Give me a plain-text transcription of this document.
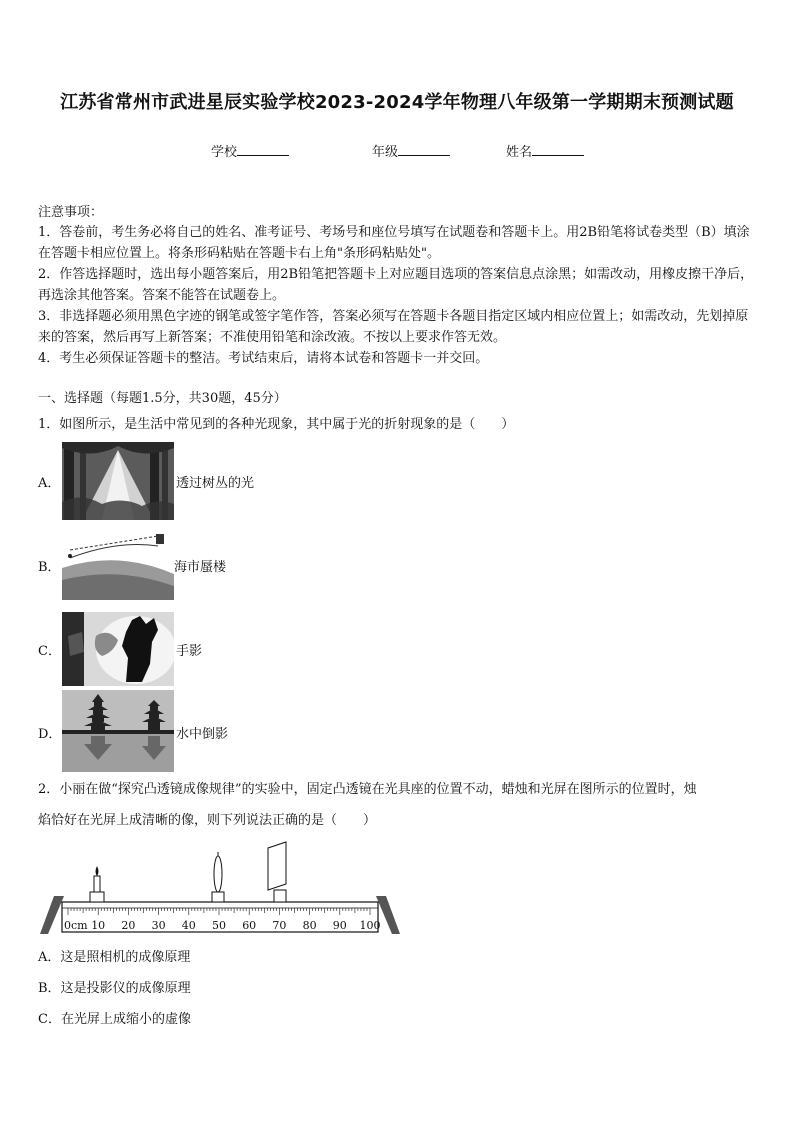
江苏省常州市武进星辰实验学校2023-2024学年物理八年级第一学期期末预测试题
学校	年级	姓名
注意事项：
1．答卷前，考生务必将自己的姓名、准考证号、考场号和座位号填写在试题卷和答题卡上。用2B铅笔将试卷类型（B）填涂在答题卡相应位置上。将条形码粘贴在答题卡右上角"条形码粘贴处"。
2．作答选择题时，选出每小题答案后，用2B铅笔把答题卡上对应题目选项的答案信息点涂黑；如需改动，用橡皮擦干净后，再选涂其他答案。答案不能答在试题卷上。
3．非选择题必须用黑色字迹的钢笔或签字笔作答，答案必须写在答题卡各题目指定区域内相应位置上；如需改动，先划掉原来的答案，然后再写上新答案；不准使用铅笔和涂改液。不按以上要求作答无效。
4．考生必须保证答题卡的整洁。考试结束后，请将本试卷和答题卡一并交回。
一、选择题（每题1.5分，共30题，45分）
1．如图所示，是生活中常见到的各种光现象，其中属于光的折射现象的是（　　）
A．	透过树丛的光
B．	海市蜃楼
C．	手影
D．	水中倒影
2．小丽在做“探究凸透镜成像规律”的实验中，固定凸透镜在光具座的位置不动，蜡烛和光屏在图所示的位置时，烛
焰恰好在光屏上成清晰的像，则下列说法正确的是（　　）
0cm 10 20 30 40 50 60 70 80 90 100
A．这是照相机的成像原理
B．这是投影仪的成像原理
C．在光屏上成缩小的虚像
